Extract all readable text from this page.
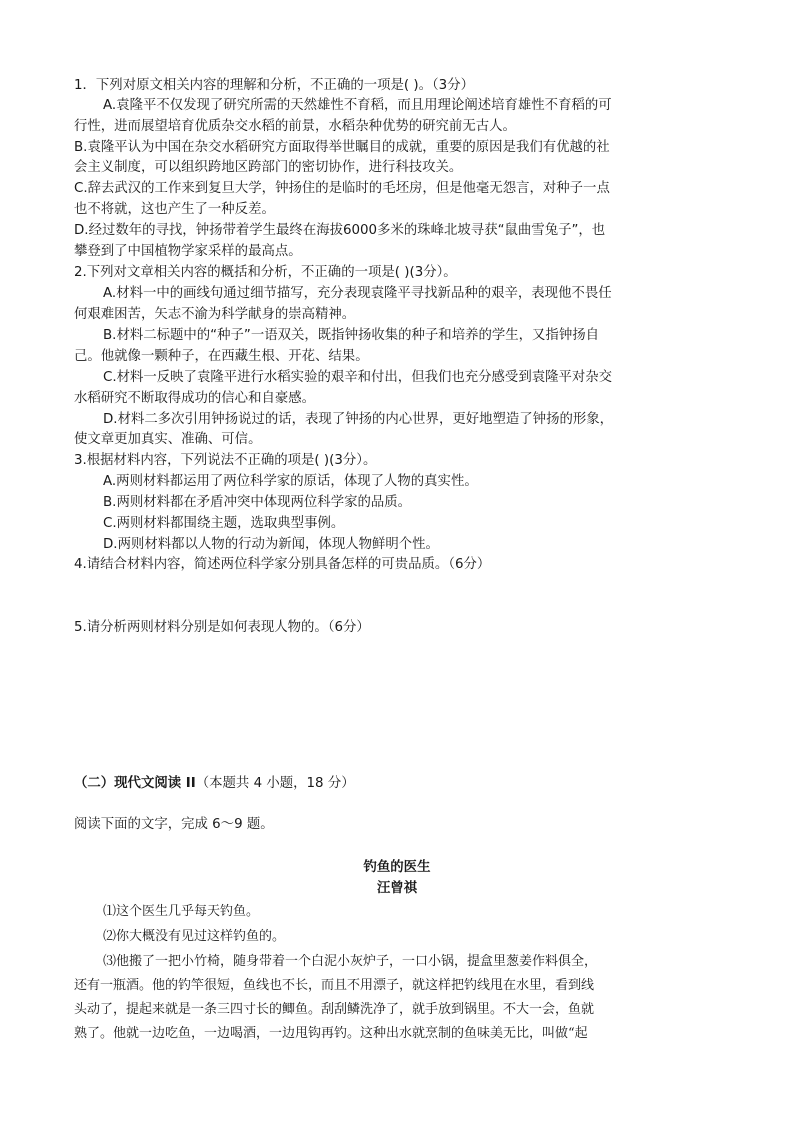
1．下列对原文相关内容的理解和分析，不正确的一项是( )。（3分）
A.袁隆平不仅发现了研究所需的天然雄性不育稻，而且用理论阐述培育雄性不育稻的可
行性，进而展望培育优质杂交水稻的前景，水稻杂种优势的研究前无古人。
B.袁隆平认为中国在杂交水稻研究方面取得举世瞩目的成就，重要的原因是我们有优越的社
会主义制度，可以组织跨地区跨部门的密切协作，进行科技攻关。
C.辞去武汉的工作来到复旦大学，钟扬住的是临时的毛坯房，但是他毫无怨言，对种子一点
也不将就，这也产生了一种反差。
D.经过数年的寻找，钟扬带着学生最终在海拔6000多米的珠峰北坡寻获“鼠曲雪兔子”，也
攀登到了中国植物学家采样的最高点。
2.下列对文章相关内容的概括和分析，不正确的一项是( )(3分）。
A.材料一中的画线句通过细节描写，充分表现袁隆平寻找新品种的艰辛，表现他不畏任
何艰难困苦，矢志不渝为科学献身的崇高精神。
B.材料二标题中的“种子”一语双关，既指钟扬收集的种子和培养的学生，又指钟扬自
己。他就像一颗种子，在西藏生根、开花、结果。
C.材料一反映了袁隆平进行水稻实验的艰辛和付出，但我们也充分感受到袁隆平对杂交
水稻研究不断取得成功的信心和自豪感。
D.材料二多次引用钟扬说过的话，表现了钟扬的内心世界，更好地塑造了钟扬的形象，
使文章更加真实、准确、可信。
3.根据材料内容，下列说法不正确的项是( )(3分）。
A.两则材料都运用了两位科学家的原话，体现了人物的真实性。
B.两则材料都在矛盾冲突中体现两位科学家的品质。
C.两则材料都围绕主题，选取典型事例。
D.两则材料都以人物的行动为新闻，体现人物鲜明个性。
4.请结合材料内容，简述两位科学家分别具备怎样的可贵品质。（6分）
5.请分析两则材料分别是如何表现人物的。（6分）
（二）现代文阅读 II（本题共 4 小题，18 分）
阅读下面的文字，完成 6～9 题。
钓鱼的医生
汪曾祺
⑴这个医生几乎每天钓鱼。
⑵你大概没有见过这样钓鱼的。
⑶他搬了一把小竹椅，随身带着一个白泥小灰炉子，一口小锅，提盒里葱姜作料俱全，
还有一瓶酒。他的钓竿很短，鱼线也不长，而且不用漂子，就这样把钓线甩在水里，看到线
头动了，提起来就是一条三四寸长的鲫鱼。刮刮鳞洗净了，就手放到锅里。不大一会，鱼就
熟了。他就一边吃鱼，一边喝酒，一边甩钩再钓。这种出水就烹制的鱼味美无比，叫做“起
